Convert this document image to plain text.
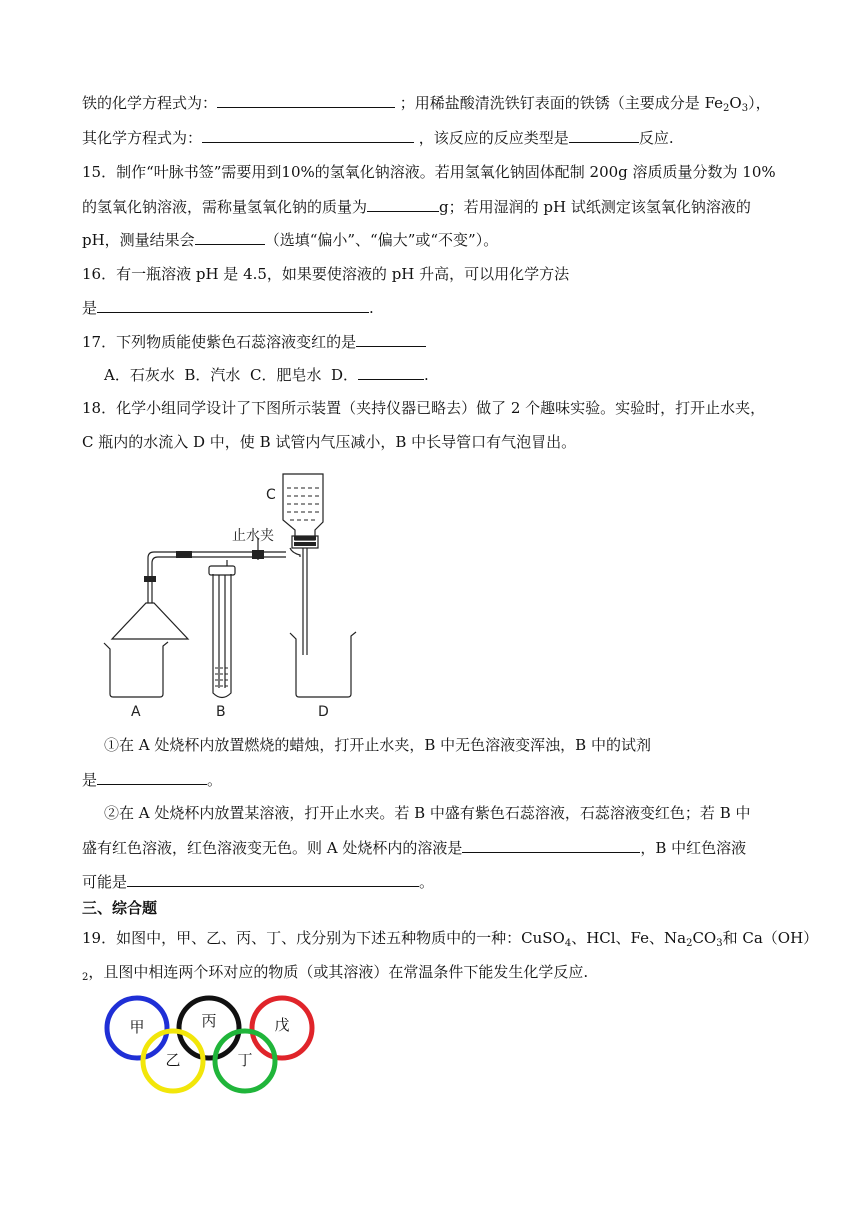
铁的化学方程式为：	；用稀盐酸清洗铁钉表面的铁锈（主要成分是 $Fe_2O_3$），
其化学方程式为：	，该反应的反应类型是	反应.
15．制作“叶脉书签”需要用到10%的氢氧化钠溶液。若用氢氧化钠固体配制 200g 溶质质量分数为 10%
的氢氧化钠溶液，需称量氢氧化钠的质量为	g；若用湿润的 pH 试纸测定该氢氧化钠溶液的
pH，测量结果会	（选填“偏小”、“偏大”或“不变”）。
16．有一瓶溶液 pH 是 4.5，如果要使溶液的 pH 升高，可以用化学方法
是	.
17．下列物质能使紫色石蕊溶液变红的是
A．石灰水 B．汽水 C．肥皂水 D．	.
18．化学小组同学设计了下图所示装置（夹持仪器已略去）做了 2 个趣味实验。实验时，打开止水夹，
C 瓶内的水流入 D 中，使 B 试管内气压减小，B 中长导管口有气泡冒出。
C
止水夹
A	B	D
①在 A 处烧杯内放置燃烧的蜡烛，打开止水夹，B 中无色溶液变浑浊，B 中的试剂
是	。
②在 A 处烧杯内放置某溶液，打开止水夹。若 B 中盛有紫色石蕊溶液，石蕊溶液变红色；若 B 中
盛有红色溶液，红色溶液变无色。则 A 处烧杯内的溶液是	，B 中红色溶液
可能是	。
三、综合题
19．如图中，甲、乙、丙、丁、戊分别为下述五种物质中的一种：CuSO$_4$、HCl、Fe、$Na_2CO_3$和 Ca（OH）
$_2$，且图中相连两个环对应的物质（或其溶液）在常温条件下能发生化学反应.
甲
乙
丙
丁
戊
